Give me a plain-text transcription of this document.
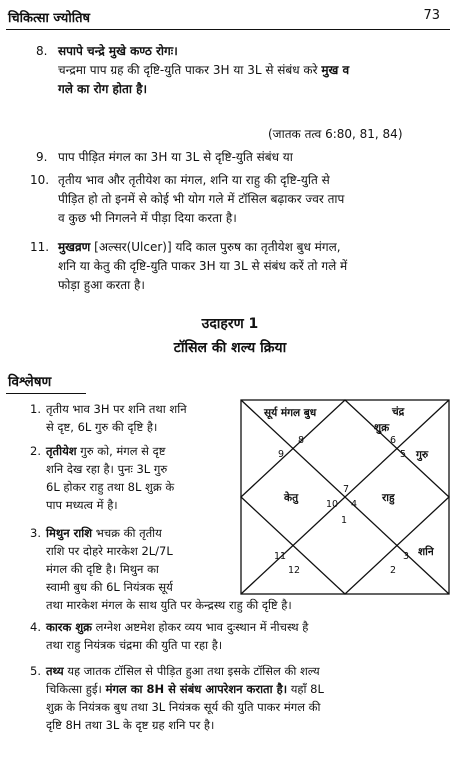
चिकित्सा ज्योतिष	73
8. सपापे चन्द्रे मुखे कण्ठ रोगः।
चन्द्रमा पाप ग्रह की दृष्टि-युति पाकर 3H या 3L से संबंध करे मुख व
गले का रोग होता है।
(जातक तत्व 6:80, 81, 84)
9. पाप पीड़ित मंगल का 3H या 3L से दृष्टि-युति संबंध या
10. तृतीय भाव और तृतीयेश का मंगल, शनि या राहु की दृष्टि-युति से
पीड़ित हो तो इनमें से कोई भी योग गले में टॉसिल बढ़ाकर ज्वर ताप
व कुछ भी निगलने में पीड़ा दिया करता है।
11. मुखव्रण [अल्सर(Ulcer)] यदि काल पुरुष का तृतीयेश बुध मंगल,
शनि या केतु की दृष्टि-युति पाकर 3H या 3L से संबंध करें तो गले में
फोड़ा हुआ करता है।
उदाहरण 1
टॉसिल की शल्य क्रिया
विश्लेषण
1. तृतीय भाव 3H पर शनि तथा शनि
से दृष्ट, 6L गुरु की दृष्टि है।
2. तृतीयेश गुरु को, मंगल से दृष्ट
शनि देख रहा है। पुनः 3L गुरु
6L होकर राहु तथा 8L शुक्र के
पाप मध्यत्व में है।
3. मिथुन राशि भचक्र की तृतीय
राशि पर दोहरे मारकेश 2L/7L
मंगल की दृष्टि है। मिथुन का
स्वामी बुध की 6L नियंत्रक सूर्य
तथा मारकेश मंगल के साथ युति पर केन्द्रस्थ राहु की दृष्टि है।
4. कारक शुक्र लग्नेश अष्टमेश होकर व्यय भाव दुःस्थान में नीचस्थ है
तथा राहु नियंत्रक चंद्रमा की युति पा रहा है।
5. तथ्य यह जातक टॉसिल से पीड़ित हुआ तथा इसके टॉसिल की शल्य
चिकित्सा हुई। मंगल का 8H से संबंध आपरेशन कराता है। यहाँ 8L
शुक्र के नियंत्रक बुध तथा 3L नियंत्रक सूर्य की युति पाकर मंगल की
दृष्टि 8H तथा 3L के दृष्ट ग्रह शनि पर है।
8
9
6
5
7
10 4
1
11
12
3
2
सूर्य मंगल बुध	चंद्र
शुक्र
गुरु
केतु	राहु
शनि
